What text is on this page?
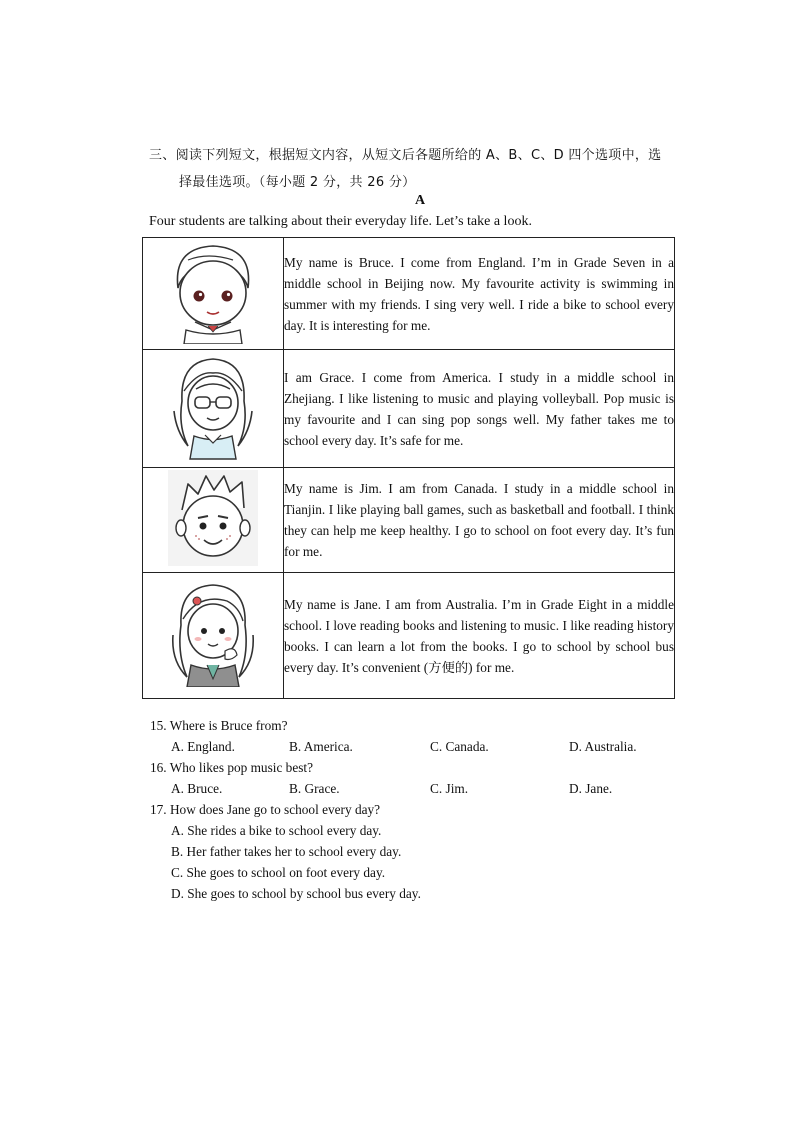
三、阅读下列短文，根据短文内容，从短文后各题所给的 A、B、C、D 四个选项中，选
择最佳选项。（每小题 2 分，共 26 分）
A
Four students are talking about their everyday life. Let’s take a look.
	My name is Bruce. I come from England. I’m in Grade Seven in a middle school in Beijing now. My favourite activity is swimming in summer with my friends. I sing very well. I ride a bike to school every day. It is interesting for me.
	I am Grace. I come from America. I study in a middle school in Zhejiang. I like listening to music and playing volleyball. Pop music is my favourite and I can sing pop songs well. My father takes me to school every day. It’s safe for me.
	My name is Jim. I am from Canada. I study in a middle school in Tianjin. I like playing ball games, such as basketball and football. I think they can help me keep healthy. I go to school on foot every day. It’s fun for me.
	My name is Jane. I am from Australia. I’m in Grade Eight in a middle school. I love reading books and listening to music. I like reading history books. I can learn a lot from the books. I go to school by school bus every day. It’s convenient (方便的) for me.
15. Where is Bruce from?
A. England.	B. America.	C. Canada.	D. Australia.
16. Who likes pop music best?
A. Bruce.	B. Grace.	C. Jim.	D. Jane.
17. How does Jane go to school every day?
A. She rides a bike to school every day.
B. Her father takes her to school every day.
C. She goes to school on foot every day.
D. She goes to school by school bus every day.
